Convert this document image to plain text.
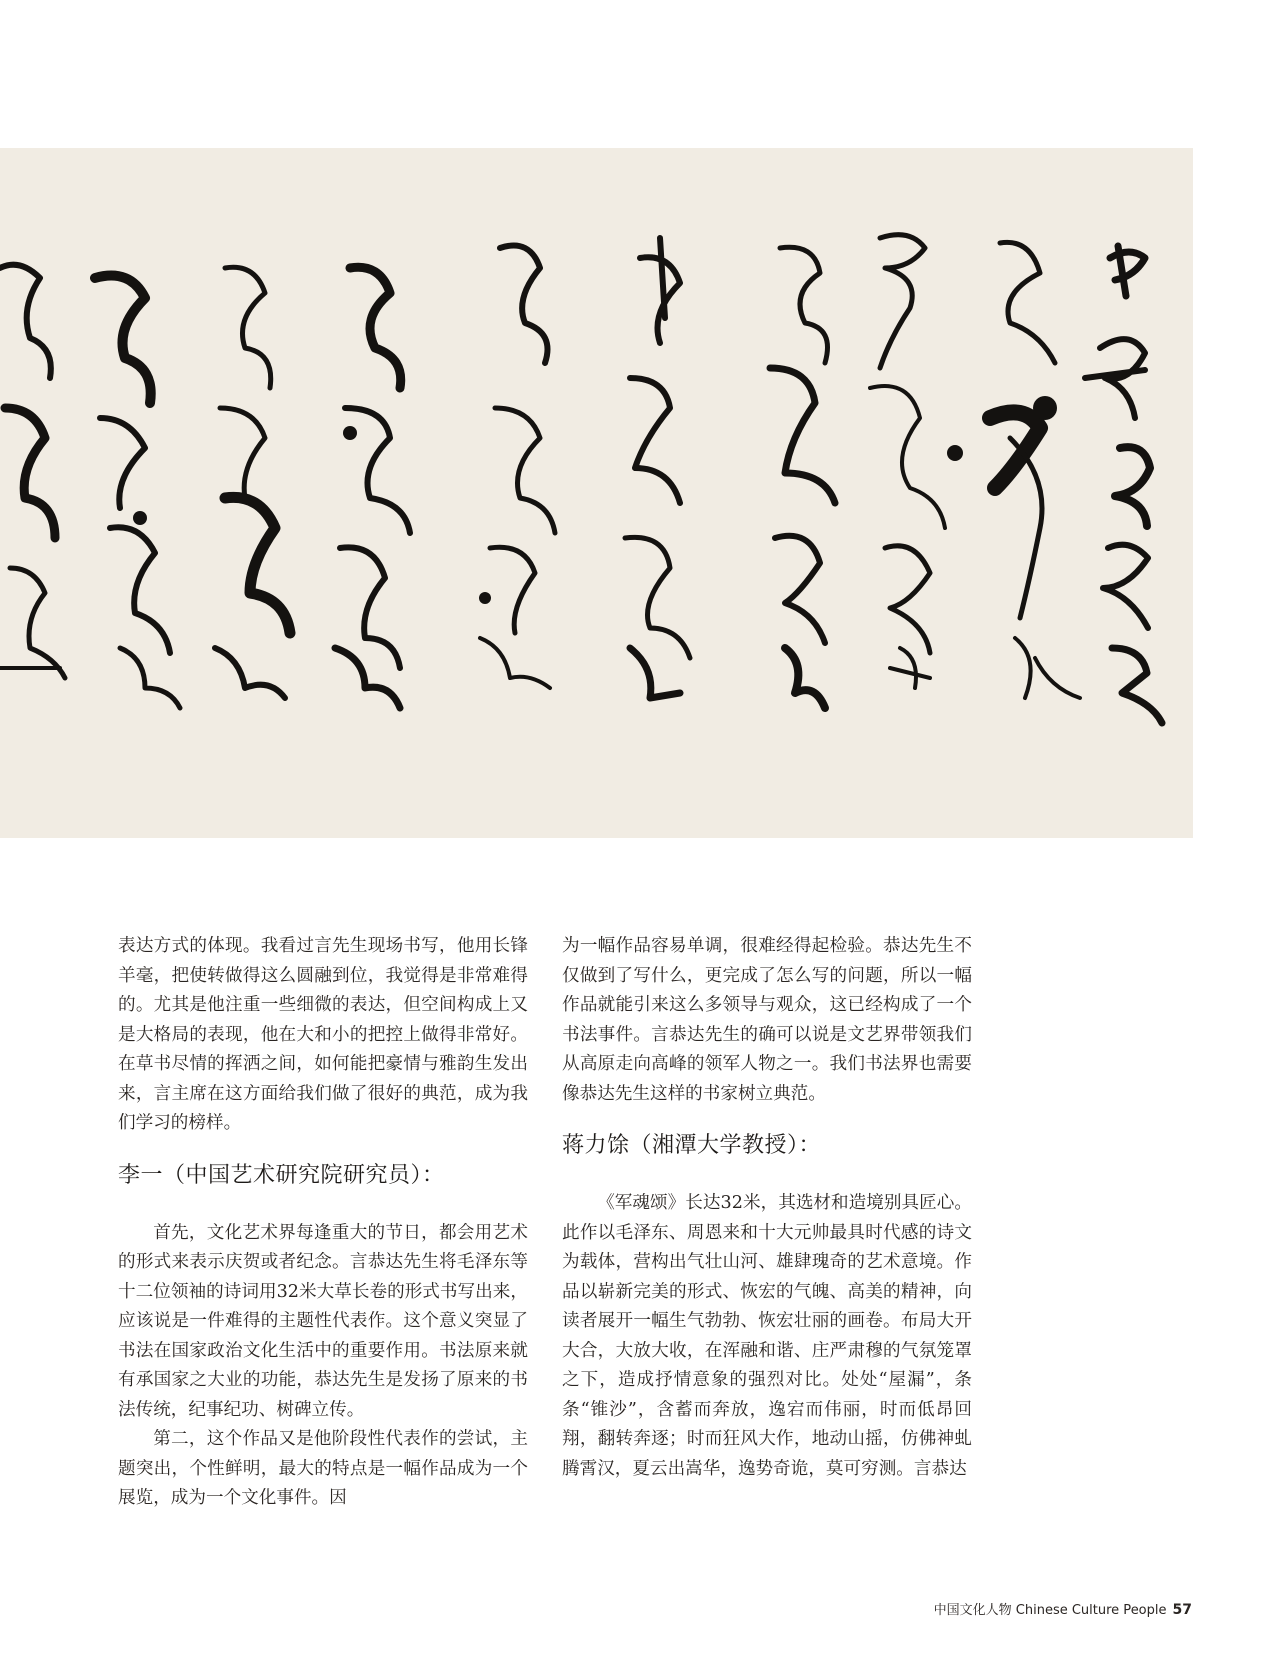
表达方式的体现。我看过言先生现场书写，他用长锋羊毫，把使转做得这么圆融到位，我觉得是非常难得的。尤其是他注重一些细微的表达，但空间构成上又是大格局的表现，他在大和小的把控上做得非常好。在草书尽情的挥洒之间，如何能把豪情与雅韵生发出来，言主席在这方面给我们做了很好的典范，成为我们学习的榜样。

李一（中国艺术研究院研究员）：

首先，文化艺术界每逢重大的节日，都会用艺术的形式来表示庆贺或者纪念。言恭达先生将毛泽东等十二位领袖的诗词用32米大草长卷的形式书写出来，应该说是一件难得的主题性代表作。这个意义突显了书法在国家政治文化生活中的重要作用。书法原来就有承国家之大业的功能，恭达先生是发扬了原来的书法传统，纪事纪功、树碑立传。

第二，这个作品又是他阶段性代表作的尝试，主题突出，个性鲜明，最大的特点是一幅作品成为一个展览，成为一个文化事件。因

为一幅作品容易单调，很难经得起检验。恭达先生不仅做到了写什么，更完成了怎么写的问题，所以一幅作品就能引来这么多领导与观众，这已经构成了一个书法事件。言恭达先生的确可以说是文艺界带领我们从高原走向高峰的领军人物之一。我们书法界也需要像恭达先生这样的书家树立典范。

蒋力馀（湘潭大学教授）：

《军魂颂》长达32米，其选材和造境别具匠心。此作以毛泽东、周恩来和十大元帅最具时代感的诗文为载体，营构出气壮山河、雄肆瑰奇的艺术意境。作品以崭新完美的形式、恢宏的气魄、高美的精神，向读者展开一幅生气勃勃、恢宏壮丽的画卷。布局大开大合，大放大收，在浑融和谐、庄严肃穆的气氛笼罩之下，造成抒情意象的强烈对比。处处“屋漏”，条条“锥沙”，含蓄而奔放，逸宕而伟丽，时而低昂回翔，翻转奔逐；时而狂风大作，地动山摇，仿佛神虬腾霄汉，夏云出嵩华，逸势奇诡，莫可穷测。言恭达

中国文化人物 Chinese Culture People 57
